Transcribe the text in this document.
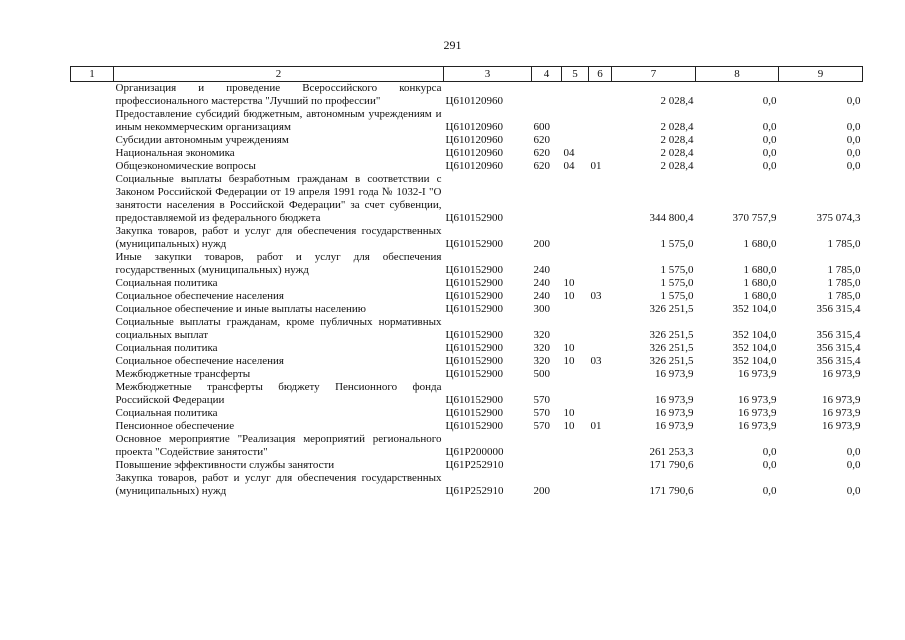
291
1	2	3	4	5	6	7	8	9
	Организация и проведение Всероссийского конкурса профессионального мастерства "Лучший по профессии"	Ц610120960				2 028,4	0,0	0,0
	Предоставление субсидий бюджетным, автономным учреждениям и иным некоммерческим организациям	Ц610120960	600			2 028,4	0,0	0,0
	Субсидии автономным учреждениям	Ц610120960	620			2 028,4	0,0	0,0
	Национальная экономика	Ц610120960	620	04		2 028,4	0,0	0,0
	Общеэкономические вопросы	Ц610120960	620	04	01	2 028,4	0,0	0,0
	Социальные выплаты безработным гражданам в соответствии с Законом Российской Федерации от 19 апреля 1991 года № 1032-I "О занятости населения в Российской Федерации" за счет субвенции, предоставляемой из федерального бюджета	Ц610152900				344 800,4	370 757,9	375 074,3
	Закупка товаров, работ и услуг для обеспечения государственных (муниципальных) нужд	Ц610152900	200			1 575,0	1 680,0	1 785,0
	Иные закупки товаров, работ и услуг для обеспечения государственных (муниципальных) нужд	Ц610152900	240			1 575,0	1 680,0	1 785,0
	Социальная политика	Ц610152900	240	10		1 575,0	1 680,0	1 785,0
	Социальное обеспечение населения	Ц610152900	240	10	03	1 575,0	1 680,0	1 785,0
	Социальное обеспечение и иные выплаты населению	Ц610152900	300			326 251,5	352 104,0	356 315,4
	Социальные выплаты гражданам, кроме публичных нормативных социальных выплат	Ц610152900	320			326 251,5	352 104,0	356 315,4
	Социальная политика	Ц610152900	320	10		326 251,5	352 104,0	356 315,4
	Социальное обеспечение населения	Ц610152900	320	10	03	326 251,5	352 104,0	356 315,4
	Межбюджетные трансферты	Ц610152900	500			16 973,9	16 973,9	16 973,9
	Межбюджетные трансферты бюджету Пенсионного фонда Российской Федерации	Ц610152900	570			16 973,9	16 973,9	16 973,9
	Социальная политика	Ц610152900	570	10		16 973,9	16 973,9	16 973,9
	Пенсионное обеспечение	Ц610152900	570	10	01	16 973,9	16 973,9	16 973,9
	Основное мероприятие "Реализация мероприятий регионального проекта "Содействие занятости"	Ц61Р200000				261 253,3	0,0	0,0
	Повышение эффективности службы занятости	Ц61Р252910				171 790,6	0,0	0,0
	Закупка товаров, работ и услуг для обеспечения государственных (муниципальных) нужд	Ц61Р252910	200			171 790,6	0,0	0,0
